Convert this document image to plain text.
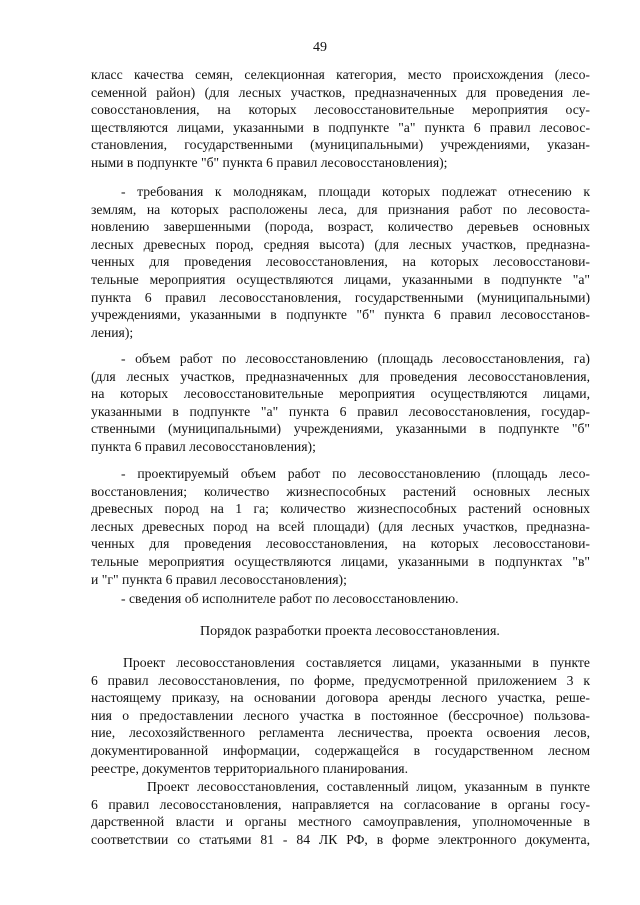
49
класс качества семян, селекционная категория, место происхождения (лесо-
семенной район) (для лесных участков, предназначенных для проведения ле-
совосстановления, на которых лесовосстановительные мероприятия осу-
ществляются лицами, указанными в подпункте "а" пункта 6 правил лесовос-
становления, государственными (муниципальными) учреждениями, указан-
ными в подпункте "б" пункта 6 правил лесовосстановления);
- требования к молоднякам, площади которых подлежат отнесению к
землям, на которых расположены леса, для признания работ по лесовоста-
новлению завершенными (порода, возраст, количество деревьев основных
лесных древесных пород, средняя высота) (для лесных участков, предназна-
ченных для проведения лесовосстановления, на которых лесовосстанови-
тельные мероприятия осуществляются лицами, указанными в подпункте "а"
пункта 6 правил лесовосстановления, государственными (муниципальными)
учреждениями, указанными в подпункте "б" пункта 6 правил лесовосстанов-
ления);
- объем работ по лесовосстановлению (площадь лесовосстановления, га)
(для лесных участков, предназначенных для проведения лесовосстановления,
на которых лесовосстановительные мероприятия осуществляются лицами,
указанными в подпункте "а" пункта 6 правил лесовосстановления, государ-
ственными (муниципальными) учреждениями, указанными в подпункте "б"
пункта 6 правил лесовосстановления);
- проектируемый объем работ по лесовосстановлению (площадь лесо-
восстановления; количество жизнеспособных растений основных лесных
древесных пород на 1 га; количество жизнеспособных растений основных
лесных древесных пород на всей площади) (для лесных участков, предназна-
ченных для проведения лесовосстановления, на которых лесовосстанови-
тельные мероприятия осуществляются лицами, указанными в подпунктах "в"
и "г" пункта 6 правил лесовосстановления);
- сведения об исполнителе работ по лесовосстановлению.
Порядок разработки проекта лесовосстановления.
Проект лесовосстановления составляется лицами, указанными в пункте
6 правил лесовосстановления, по форме, предусмотренной приложением 3 к
настоящему приказу, на основании договора аренды лесного участка, реше-
ния о предоставлении лесного участка в постоянное (бессрочное) пользова-
ние, лесохозяйственного регламента лесничества, проекта освоения лесов,
документированной информации, содержащейся в государственном лесном
реестре, документов территориального планирования.
Проект лесовосстановления, составленный лицом, указанным в пункте
6 правил лесовосстановления, направляется на согласование в органы госу-
дарственной власти и органы местного самоуправления, уполномоченные в
соответствии со статьями 81 - 84 ЛК РФ, в форме электронного документа,
